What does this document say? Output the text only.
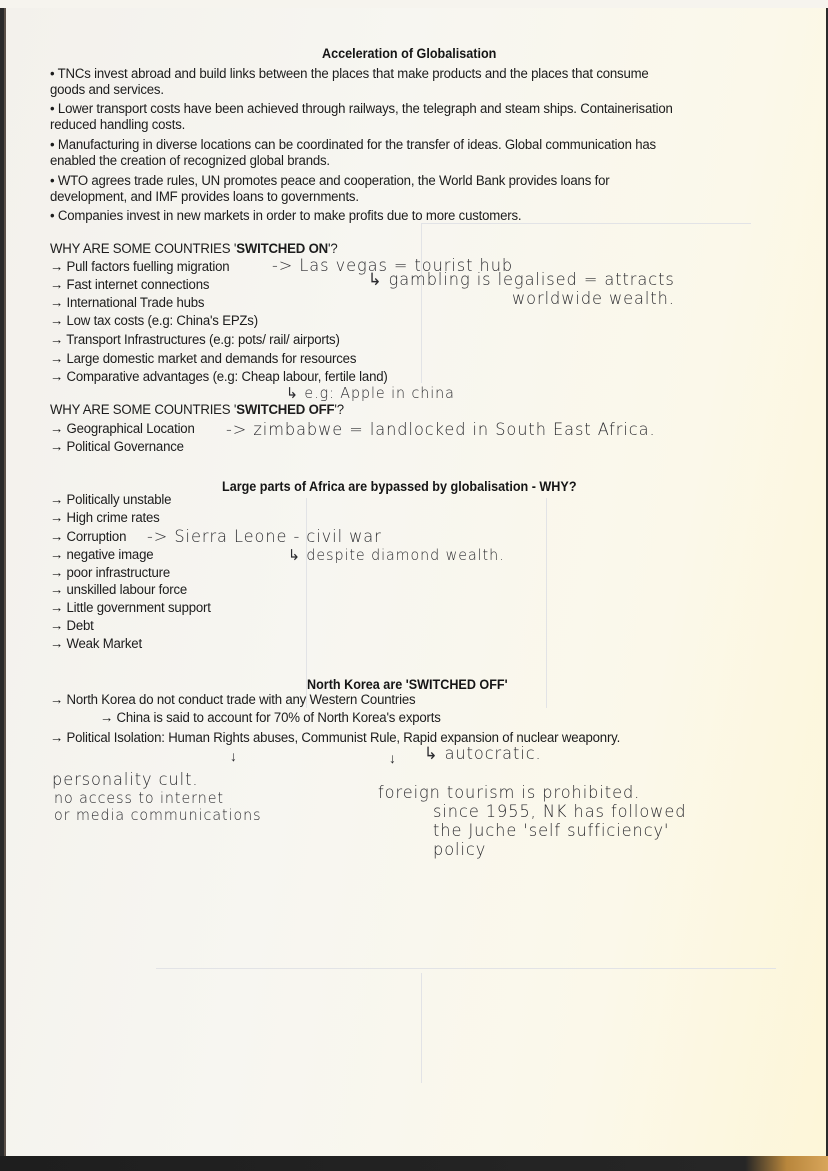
Acceleration of Globalisation
• TNCs invest abroad and build links between the places that make products and the places that consume
goods and services.
• Lower transport costs have been achieved through railways, the telegraph and steam ships. Containerisation
reduced handling costs.
• Manufacturing in diverse locations can be coordinated for the transfer of ideas. Global communication has
enabled the creation of recognized global brands.
• WTO agrees trade rules, UN promotes peace and cooperation, the World Bank provides loans for
development, and IMF provides loans to governments.
• Companies invest in new markets in order to make profits due to more customers.
WHY ARE SOME COUNTRIES 'SWITCHED ON'?
→ Pull factors fuelling migration
→ Fast internet connections
→ International Trade hubs
→ Low tax costs (e.g: China's EPZs)
→ Transport Infrastructures (e.g: pots/ rail/ airports)
→ Large domestic market and demands for resources
→ Comparative advantages (e.g: Cheap labour, fertile land)
-> Las vegas = tourist hub
↳ gambling is legalised = attracts
worldwide wealth.
↳ e.g: Apple in china
WHY ARE SOME COUNTRIES 'SWITCHED OFF'?
→ Geographical Location
→ Political Governance
-> zimbabwe = landlocked in South East Africa.
Large parts of Africa are bypassed by globalisation - WHY?
→ Politically unstable
→ High crime rates
→ Corruption
→ negative image
→ poor infrastructure
→ unskilled labour force
→ Little government support
→ Debt
→ Weak Market
-> Sierra Leone - civil war
↳ despite diamond wealth.
North Korea are 'SWITCHED OFF'
→ North Korea do not conduct trade with any Western Countries
→ China is said to account for 70% of North Korea's exports
→ Political Isolation: Human Rights abuses, Communist Rule, Rapid expansion of nuclear weaponry.
↓	↓ ↳ autocratic.
personality cult.
no access to internet
or media communications
foreign tourism is prohibited.
since 1955, NK has followed
the Juche 'self sufficiency'
policy
